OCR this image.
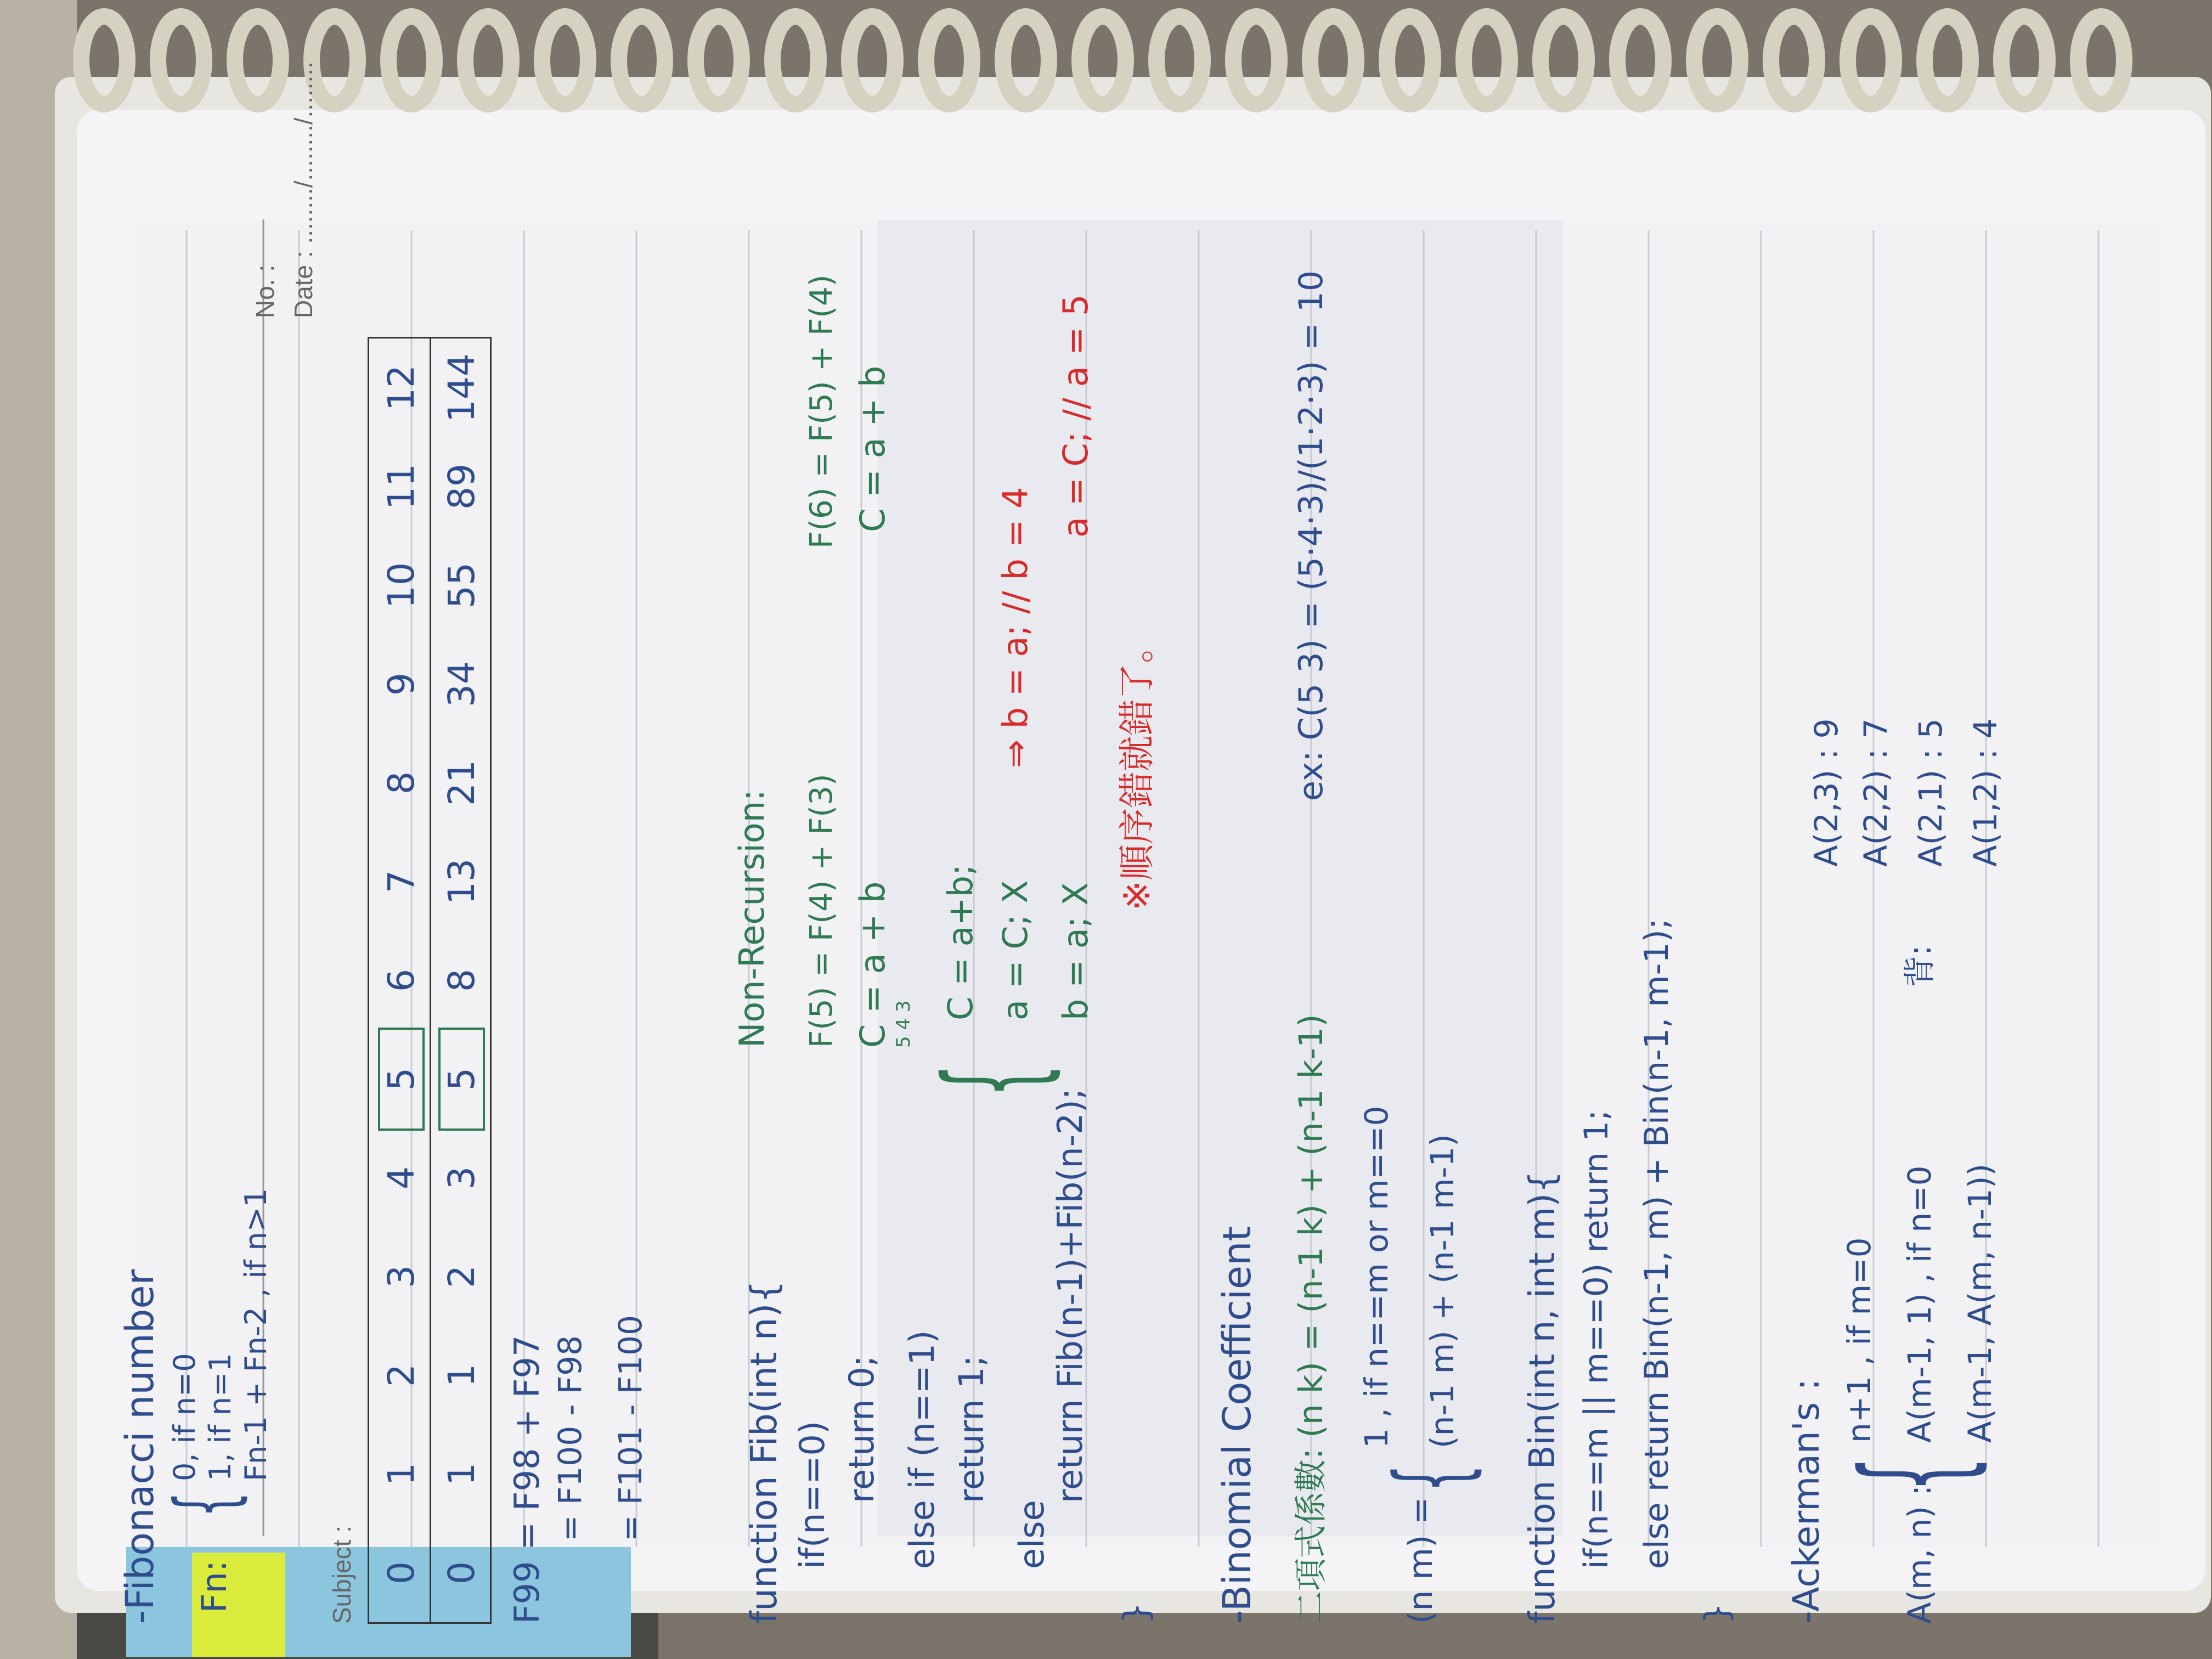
No. : Date : ......../......../........
Subject :
-Fibonacci number Fn:
{
0, if n=0 1, if n=1 Fn-1 + Fn-2 , if n>1
0
1
2
3
4
5
6
7
8
9
10
11
12
0
1
1
2
3
5
8
13
21
34
55
89
144
F99 = F98 + F97 = F100 - F98 = F101 - F100	function Fib(int n){ if(n==0) return 0; else if (n==1) return 1;
else
return Fib(n-1)+Fib(n-2);
}
Non-Recursion: F(5) = F(4) + F(3)
F(6) = F(5) + F(4)
C = a + b 5 4 3
C = a + b
{
C = a+b; a = C; X b = a; X
⇒ b = a; // b = 4
a = C; // a = 5
※順序錯就錯了。
-Binomial Coefficient 二項式係數: (n k) = (n-1 k) + (n-1 k-1)
ex: C(5 3) = (5·4·3)/(1·2·3) = 10
(n m) =
{
1 , if n==m or m==0 (n-1 m) + (n-1 m-1) function Bin(int n, int m){ if(n==m || m==0) return 1; else return Bin(n-1, m) + Bin(n-1, m-1);
} -Ackerman's : A(m, n) :
{
n+1 , if m=0 A(m-1, 1) , if n=0 A(m-1, A(m, n-1))
背:
A(2,3) : 9 A(2,2) : 7 A(2,1) : 5 A(1,2) : 4
